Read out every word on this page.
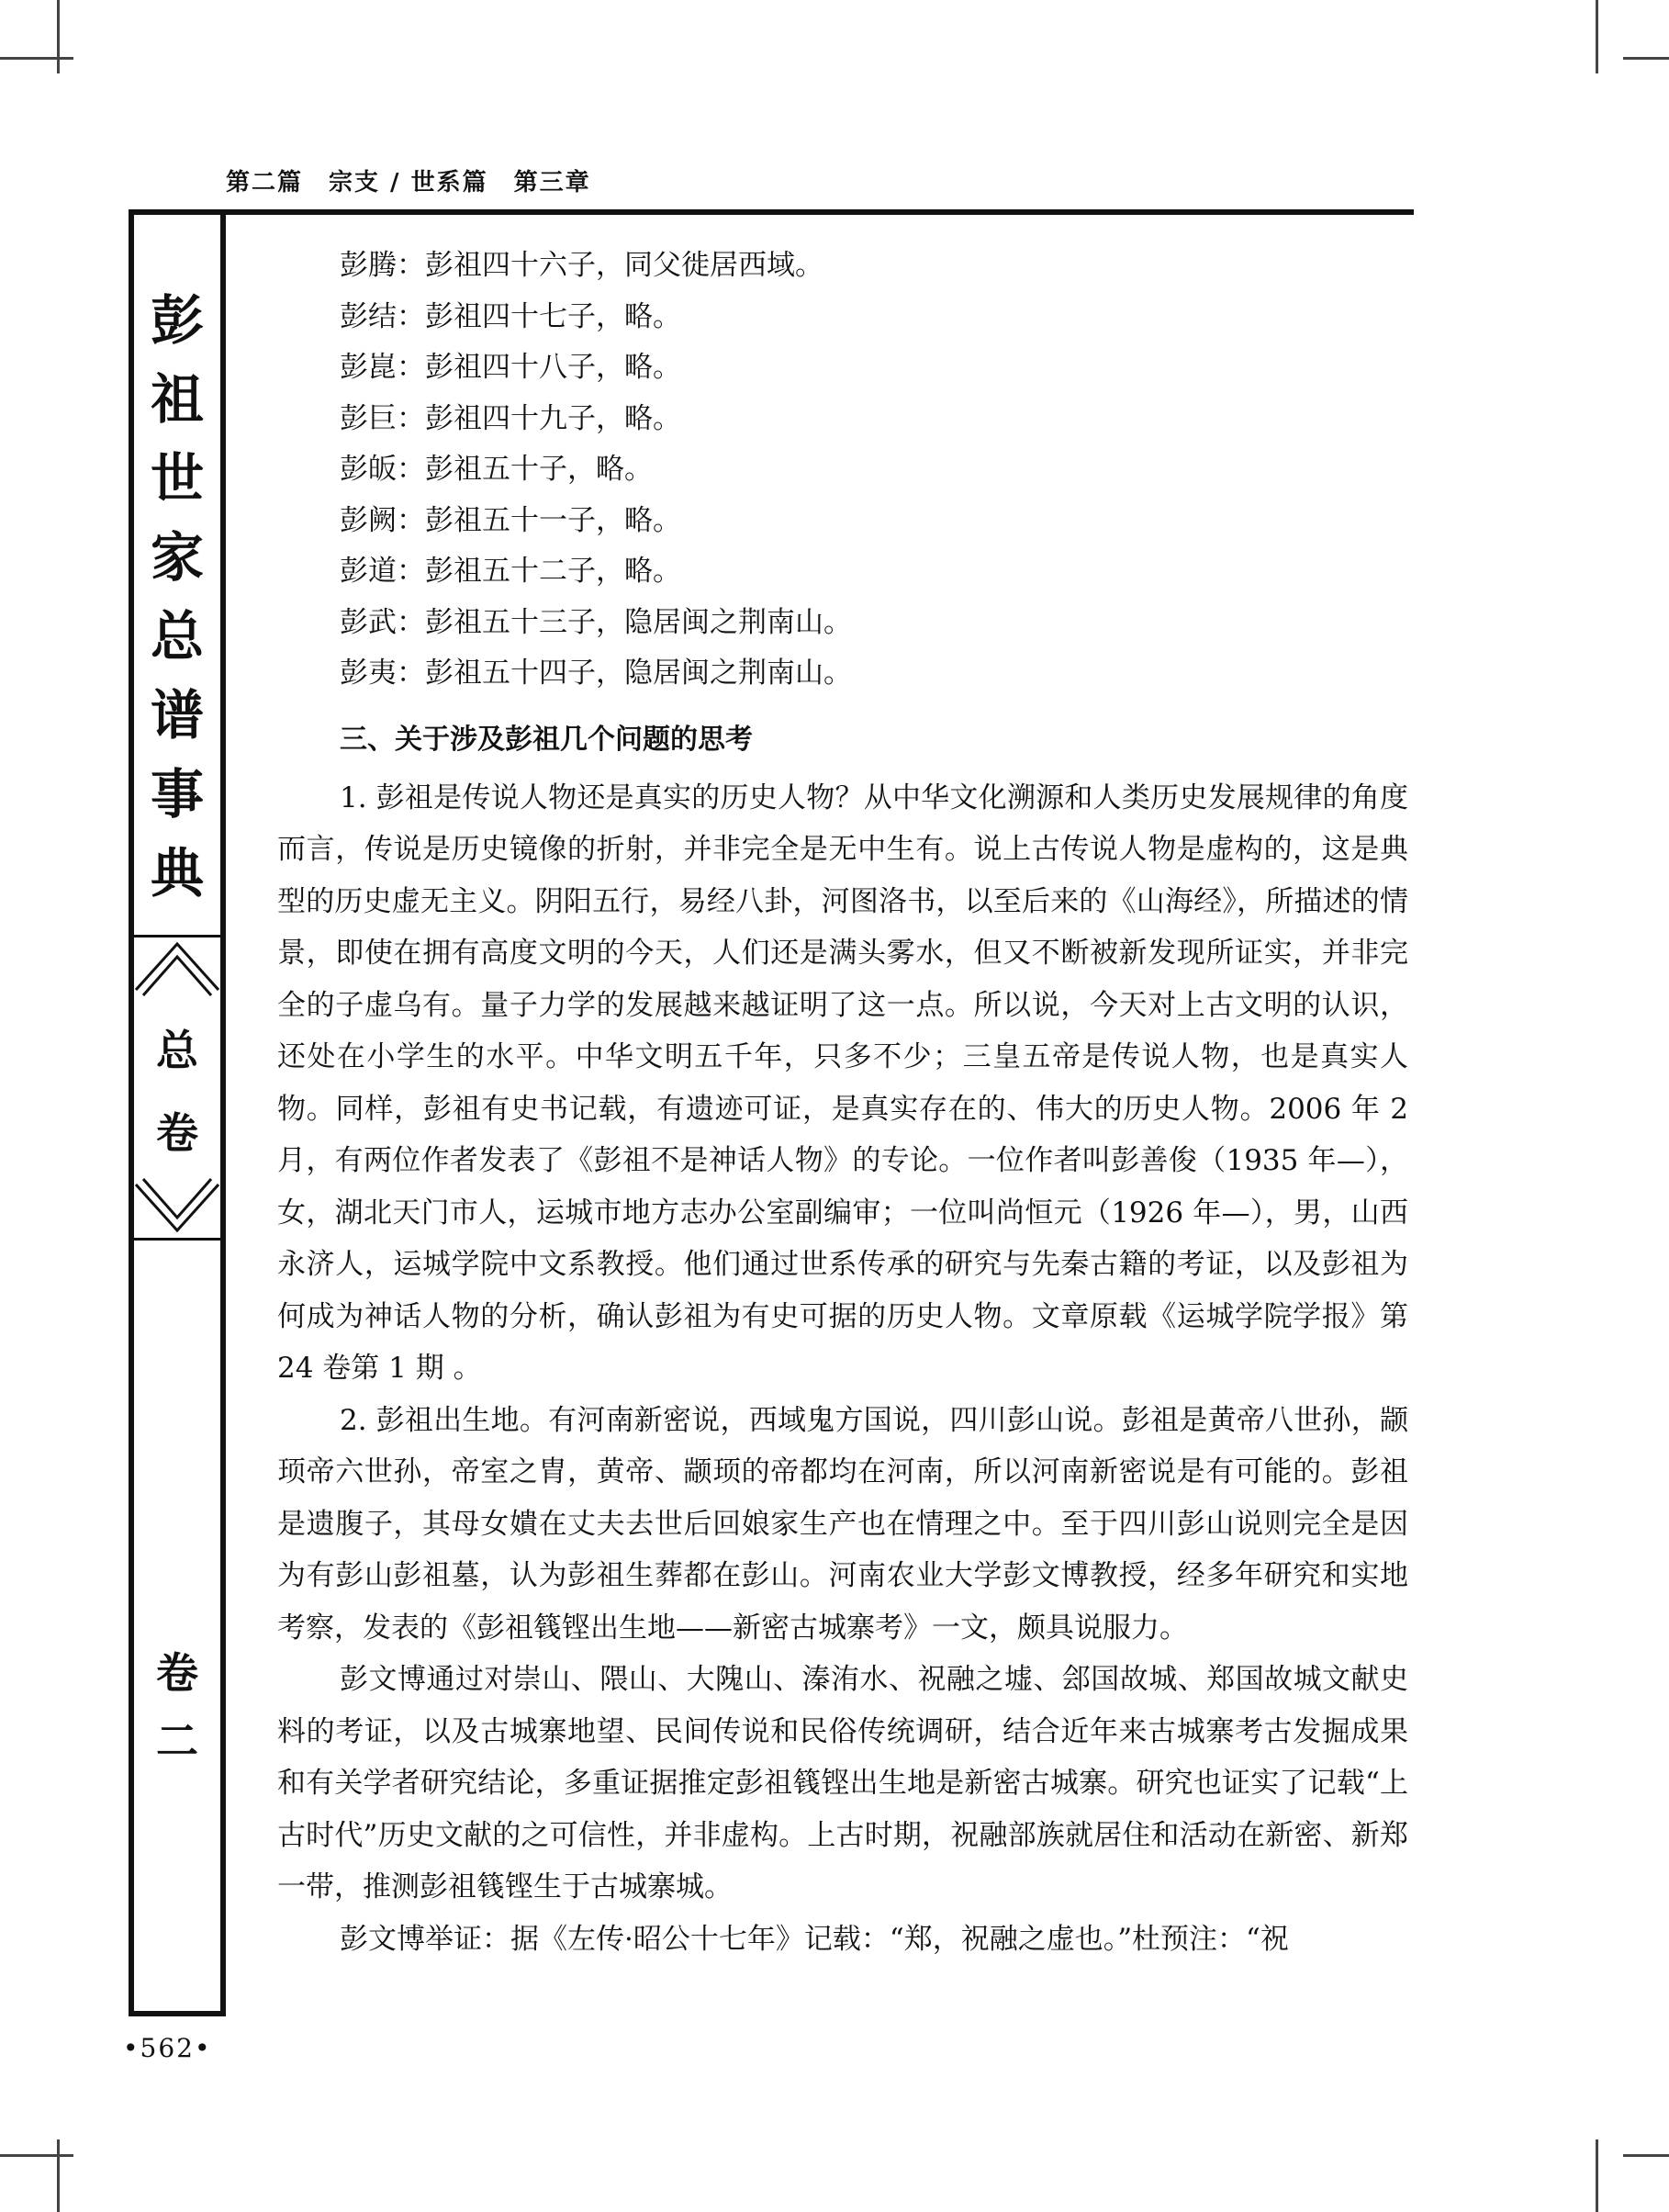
第二篇　宗支 / 世系篇　第三章
彭
祖
世
家
总
谱
事
典
总
卷
卷
二
彭腾：彭祖四十六子，同父徙居西域。
彭结：彭祖四十七子，略。
彭崑：彭祖四十八子，略。
彭巨：彭祖四十九子，略。
彭皈：彭祖五十子，略。
彭阙：彭祖五十一子，略。
彭道：彭祖五十二子，略。
彭武：彭祖五十三子，隐居闽之荆南山。
彭夷：彭祖五十四子，隐居闽之荆南山。
三、关于涉及彭祖几个问题的思考

1. 彭祖是传说人物还是真实的历史人物？从中华文化溯源和人类历史发展规律的角度而言，传说是历史镜像的折射，并非完全是无中生有。说上古传说人物是虚构的，这是典型的历史虚无主义。阴阳五行，易经八卦，河图洛书，以至后来的《山海经》，所描述的情景，即使在拥有高度文明的今天，人们还是满头雾水，但又不断被新发现所证实，并非完全的子虚乌有。量子力学的发展越来越证明了这一点。所以说，今天对上古文明的认识，还处在小学生的水平。中华文明五千年，只多不少；三皇五帝是传说人物，也是真实人物。同样，彭祖有史书记载，有遗迹可证，是真实存在的、伟大的历史人物。2006 年 2 月，有两位作者发表了《彭祖不是神话人物》的专论。一位作者叫彭善俊（1935 年—），女，湖北天门市人，运城市地方志办公室副编审；一位叫尚恒元（1926 年—），男，山西永济人，运城学院中文系教授。他们通过世系传承的研究与先秦古籍的考证，以及彭祖为何成为神话人物的分析，确认彭祖为有史可据的历史人物。文章原载《运城学院学报》第 24 卷第 1 期 。

2. 彭祖出生地。有河南新密说，西域鬼方国说，四川彭山说。彭祖是黄帝八世孙，颛顼帝六世孙，帝室之胄，黄帝、颛顼的帝都均在河南，所以河南新密说是有可能的。彭祖是遗腹子，其母女嬇在丈夫去世后回娘家生产也在情理之中。至于四川彭山说则完全是因为有彭山彭祖墓，认为彭祖生葬都在彭山。河南农业大学彭文博教授，经多年研究和实地考察，发表的《彭祖篯铿出生地——新密古城寨考》一文，颇具说服力。

彭文博通过对崇山、隈山、大隗山、溱洧水、祝融之墟、郐国故城、郑国故城文献史料的考证，以及古城寨地望、民间传说和民俗传统调研，结合近年来古城寨考古发掘成果和有关学者研究结论，多重证据推定彭祖篯铿出生地是新密古城寨。研究也证实了记载“上古时代”历史文献的之可信性，并非虚构。上古时期，祝融部族就居住和活动在新密、新郑一带，推测彭祖篯铿生于古城寨城。

彭文博举证：据《左传·昭公十七年》记载：“郑，祝融之虚也。”杜预注：“祝

•562•
